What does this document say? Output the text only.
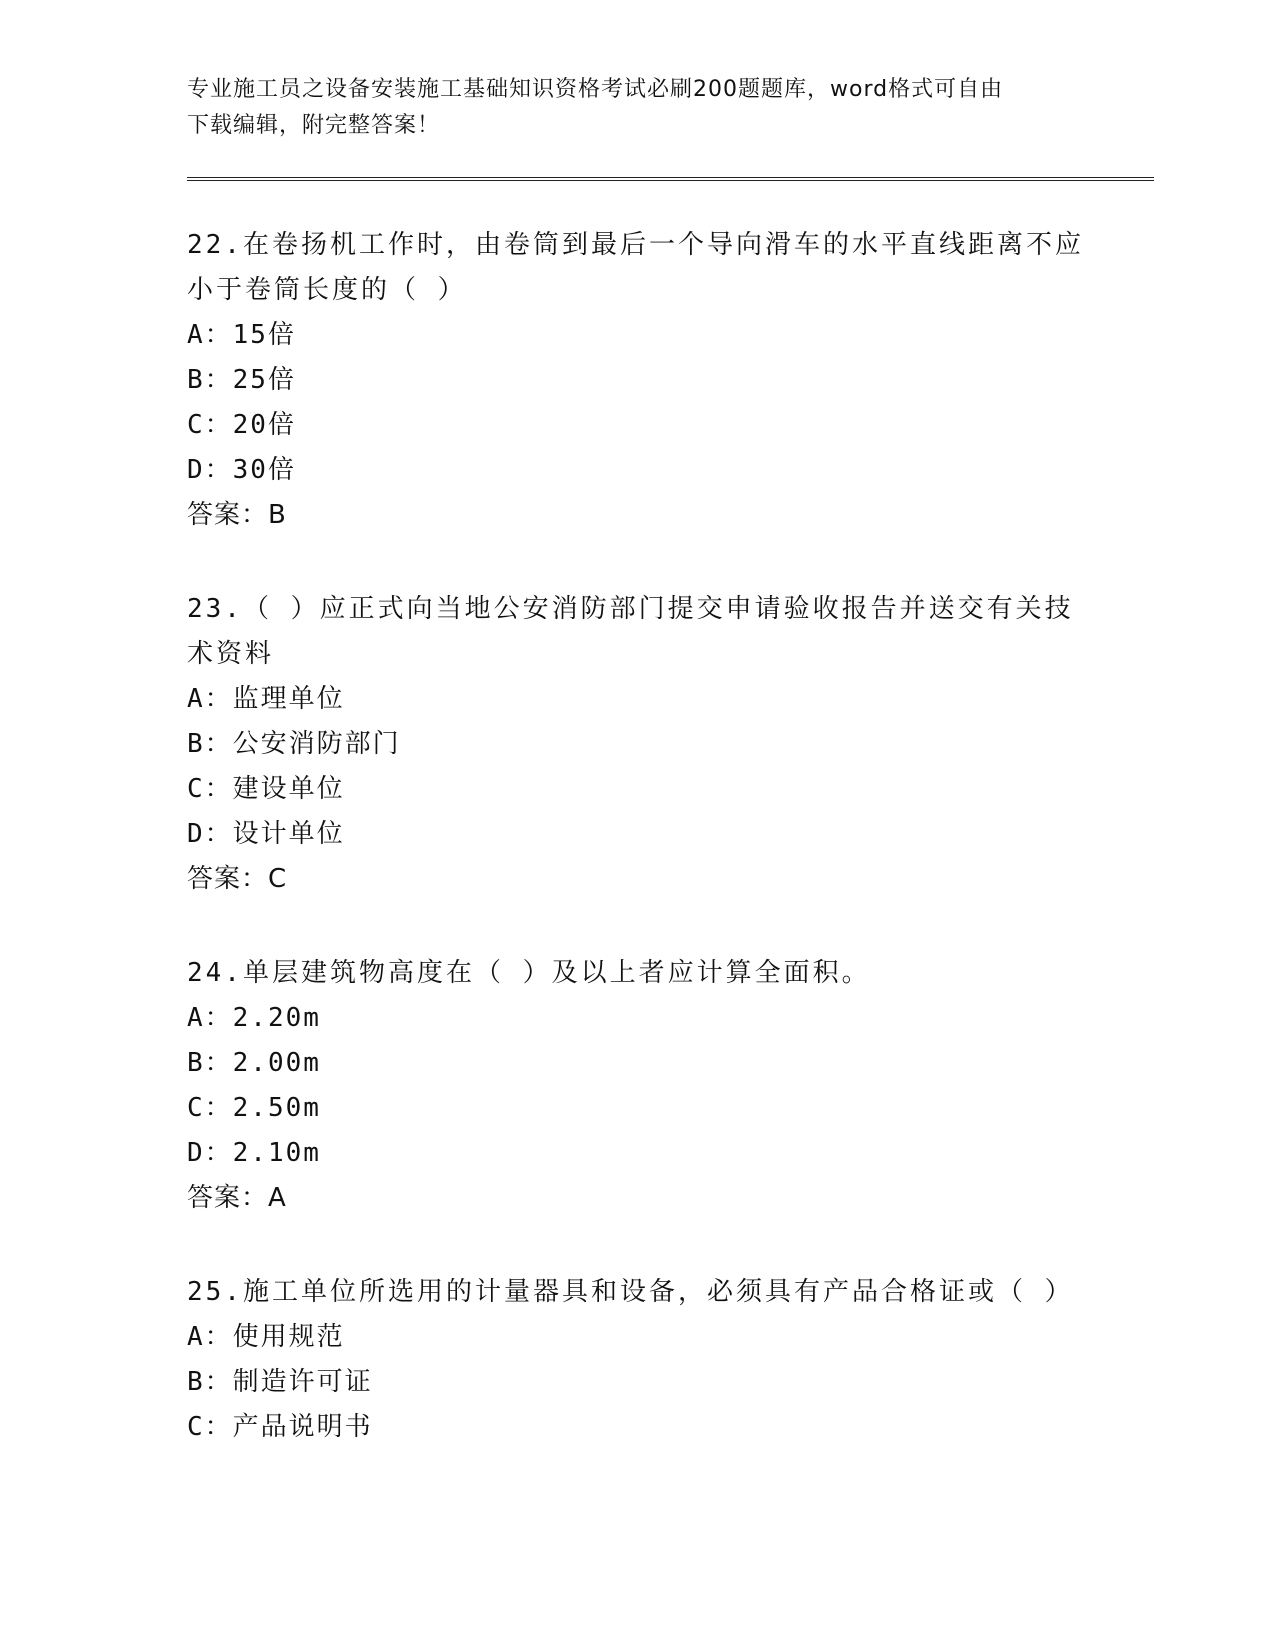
专业施工员之设备安装施工基础知识资格考试必刷200题题库，word格式可自由
下载编辑，附完整答案！

22.在卷扬机工作时，由卷筒到最后一个导向滑车的水平直线距离不应小于卷筒长度的（ ）

A：15倍

B：25倍

C：20倍

D：30倍

答案：B

23.（ ）应正式向当地公安消防部门提交申请验收报告并送交有关技术资料

A：监理单位

B：公安消防部门

C：建设单位

D：设计单位

答案：C

24.单层建筑物高度在（ ）及以上者应计算全面积。

A：2.20m

B：2.00m

C：2.50m

D：2.10m

答案：A

25.施工单位所选用的计量器具和设备，必须具有产品合格证或（ ）

A：使用规范

B：制造许可证

C：产品说明书
